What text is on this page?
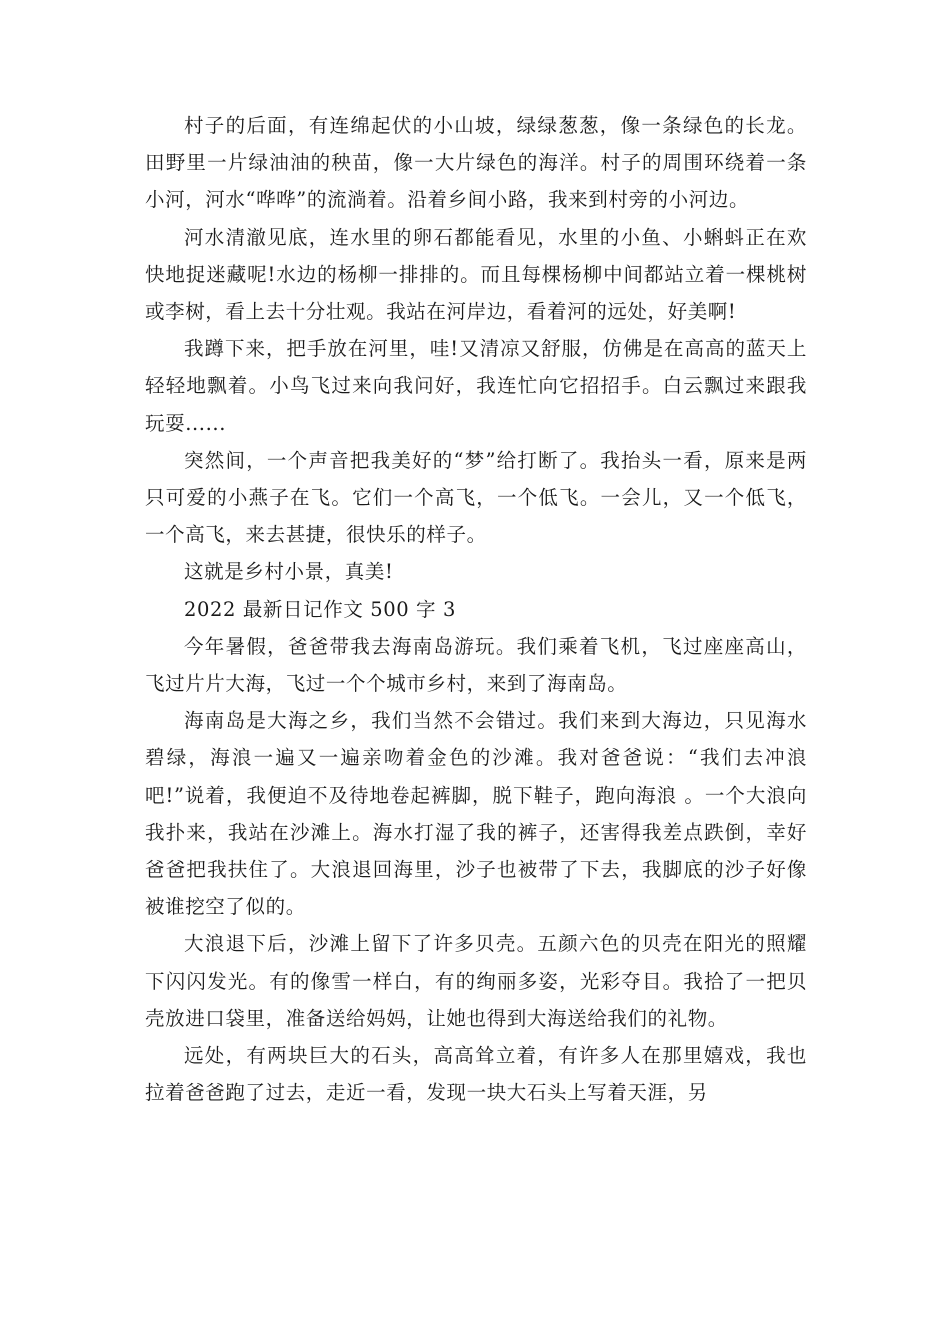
村子的后面，有连绵起伏的小山坡，绿绿葱葱，像一条绿色的长龙。田野里一片绿油油的秧苗，像一大片绿色的海洋。村子的周围环绕着一条小河，河水“哗哗”的流淌着。沿着乡间小路，我来到村旁的小河边。

河水清澈见底，连水里的卵石都能看见，水里的小鱼、小蝌蚪正在欢快地捉迷藏呢!水边的杨柳一排排的。而且每棵杨柳中间都站立着一棵桃树或李树，看上去十分壮观。我站在河岸边，看着河的远处，好美啊!

我蹲下来，把手放在河里，哇!又清凉又舒服，仿佛是在高高的蓝天上轻轻地飘着。小鸟飞过来向我问好，我连忙向它招招手。白云飘过来跟我玩耍......

突然间，一个声音把我美好的“梦”给打断了。我抬头一看，原来是两只可爱的小燕子在飞。它们一个高飞，一个低飞。一会儿，又一个低飞，一个高飞，来去甚捷，很快乐的样子。

这就是乡村小景，真美!

2022 最新日记作文 500 字 3

今年暑假，爸爸带我去海南岛游玩。我们乘着飞机，飞过座座高山，飞过片片大海，飞过一个个城市乡村，来到了海南岛。

海南岛是大海之乡，我们当然不会错过。我们来到大海边，只见海水碧绿，海浪一遍又一遍亲吻着金色的沙滩。我对爸爸说：“我们去冲浪吧!”说着，我便迫不及待地卷起裤脚，脱下鞋子，跑向海浪 。一个大浪向我扑来，我站在沙滩上。海水打湿了我的裤子，还害得我差点跌倒，幸好爸爸把我扶住了。大浪退回海里，沙子也被带了下去，我脚底的沙子好像被谁挖空了似的。

大浪退下后，沙滩上留下了许多贝壳。五颜六色的贝壳在阳光的照耀下闪闪发光。有的像雪一样白，有的绚丽多姿，光彩夺目。我拾了一把贝壳放进口袋里，准备送给妈妈，让她也得到大海送给我们的礼物。

远处，有两块巨大的石头，高高耸立着，有许多人在那里嬉戏，我也拉着爸爸跑了过去，走近一看，发现一块大石头上写着天涯，另
